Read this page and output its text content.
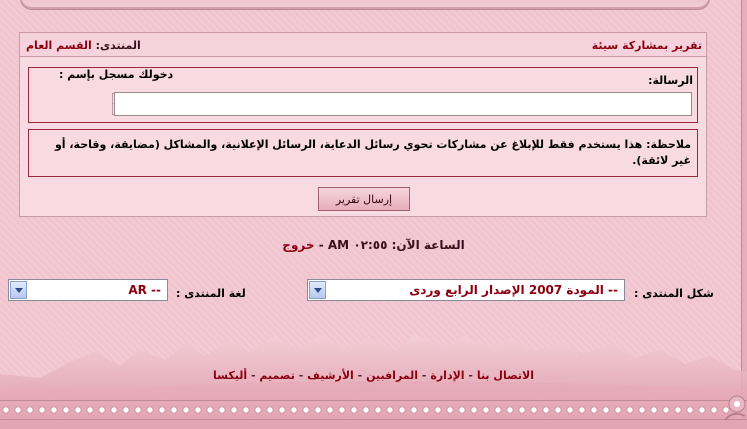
تقرير بمشاركة سيئة
المنتدى: القسم العام
الرسالة:
دخولك مسجل بإسم :
ملاحظة: هذا يستخدم فقط للإبلاغ عن مشاركات تحوي رسائل الدعاية، الرسائل الإعلانية، والمشاكل (مضايقة، وقاحة، أو غير لائقة).
إرسال تقرير
الساعة الآن: ٠٢:٥٥ AM - خروج
شكل المنتدى :
-- المودة 2007 الإصدار الرابع وردى
لغة المنتدى :
-- AR
الاتصال بنا - الإدارة - المرافبين - الأرشيف - تصميم - أليكسا
